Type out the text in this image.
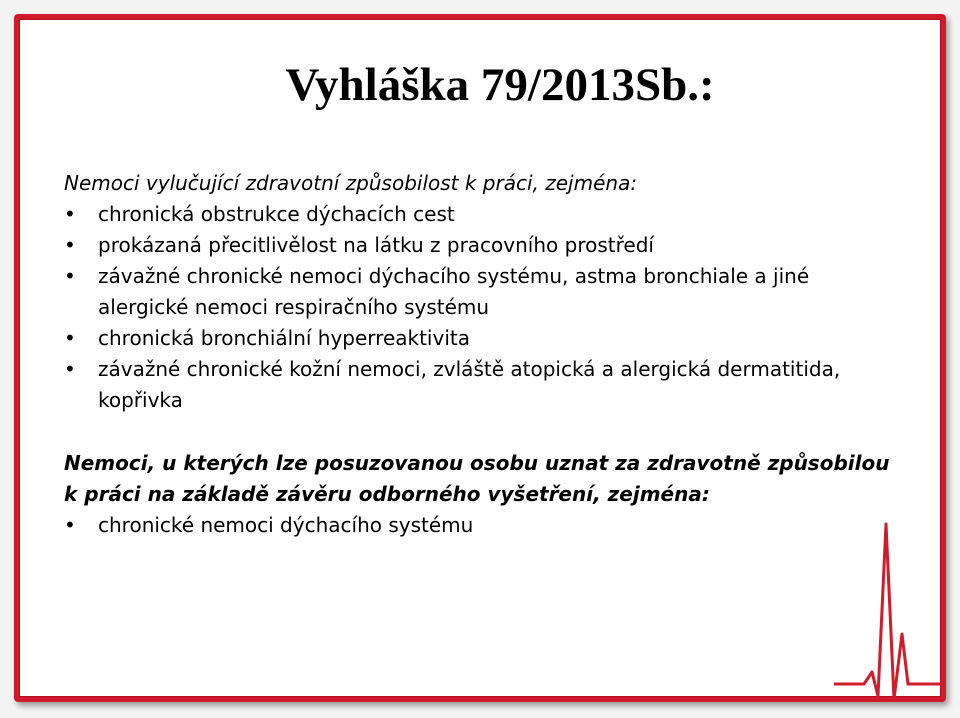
Vyhláška 79/2013Sb.:

Nemoci vylučující zdravotní způsobilost k práci, zejména:

• chronická obstrukce dýchacích cest
• prokázaná přecitlivělost na látku z pracovního prostředí
• závažné chronické nemoci dýchacího systému, astma bronchiale a jiné alergické nemoci respiračního systému
• chronická bronchiální hyperreaktivita
• závažné chronické kožní nemoci, zvláště atopická a alergická dermatitida, kopřivka

Nemoci, u kterých lze posuzovanou osobu uznat za zdravotně způsobilou k práci na základě závěru odborného vyšetření, zejména:

• chronické nemoci dýchacího systému
